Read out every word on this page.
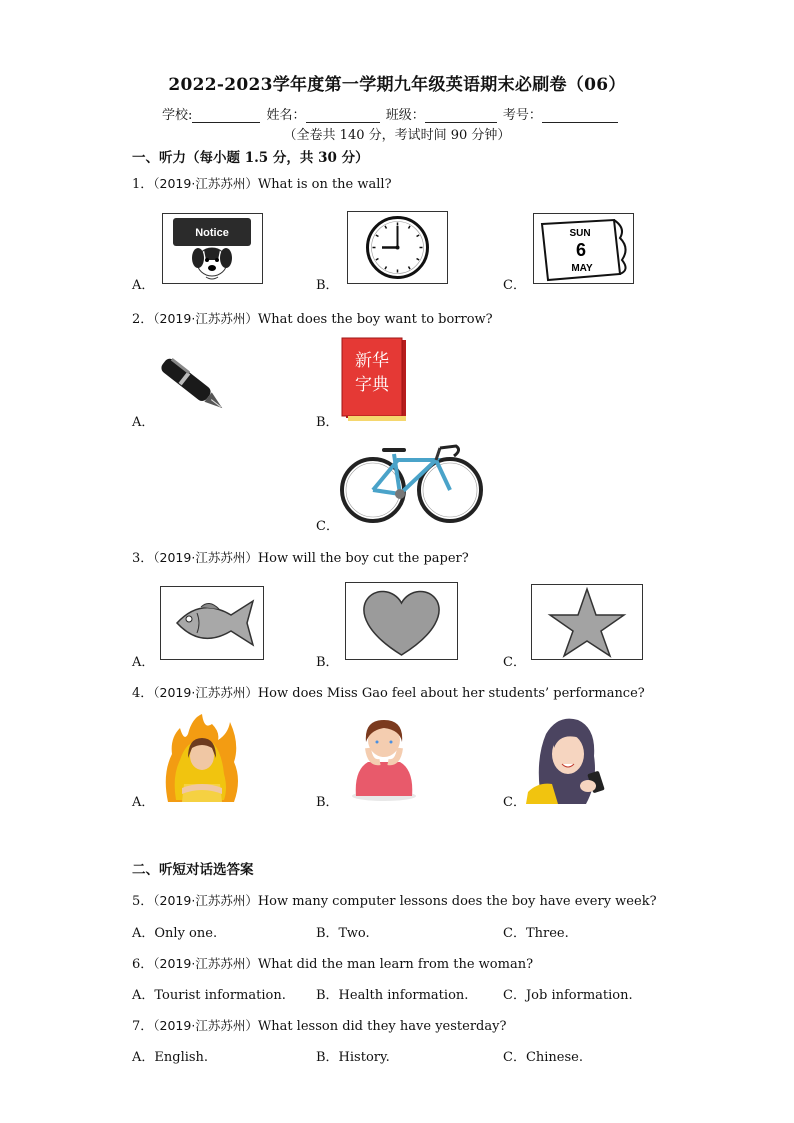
2022-2023学年度第一学期九年级英语期末必刷卷（06）
学校:	姓名：	班级：	考号：
（全卷共 140 分，考试时间 90 分钟）
一、听力（每小题 1.5 分，共 30 分）
1．（2019·江苏苏州）What is on the wall?
A．	B．	C．
Notice	SUN
6
MAY
2．（2019·江苏苏州）What does the boy want to borrow?
A．	B．
C．
新华
字典
3．（2019·江苏苏州）How will the boy cut the paper?
A．	B．	C．
4．（2019·江苏苏州）How does Miss Gao feel about her students’ performance?
A．	B．	C．
二、听短对话选答案
5．（2019·江苏苏州）How many computer lessons does the boy have every week?
A．Only one.	B．Two.	C．Three.
6．（2019·江苏苏州）What did the man learn from the woman?
A．Tourist information. B．Health information.	C．Job information.
7．（2019·江苏苏州）What lesson did they have yesterday?
A．English.	B．History.	C．Chinese.
